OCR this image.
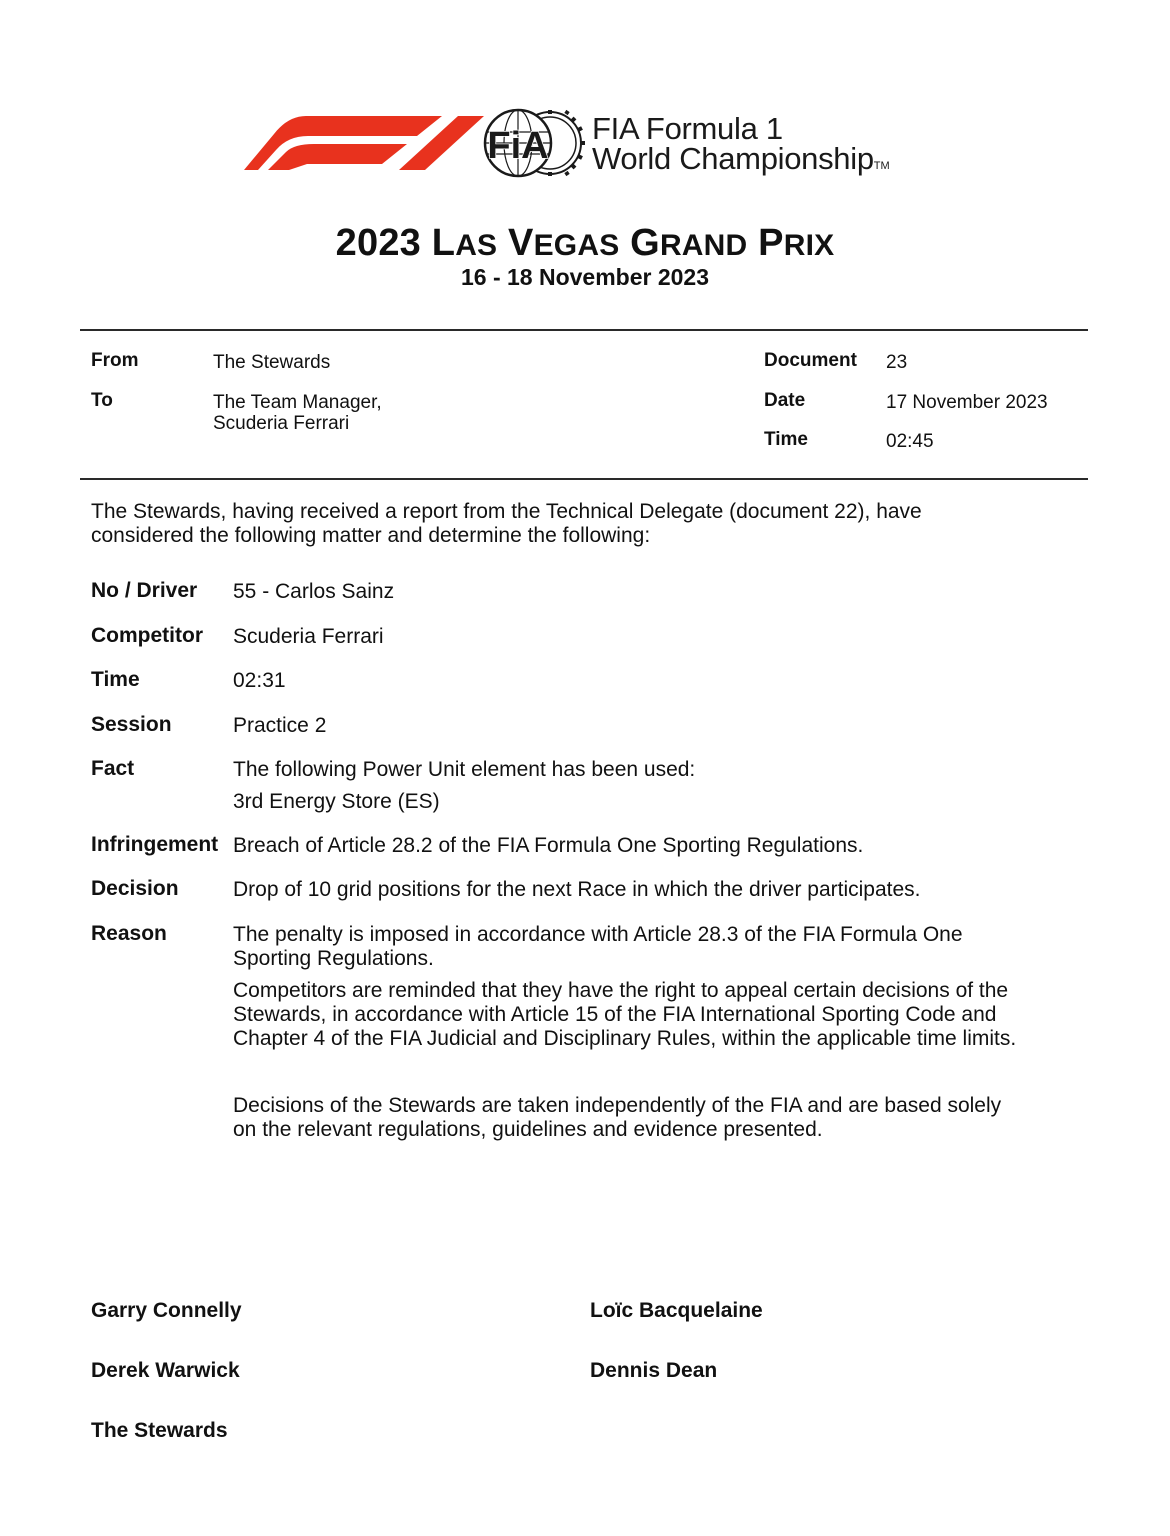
FiA FIA Formula 1
World ChampionshipTM
2023 LAS VEGAS GRAND PRIX
16 - 18 November 2023
From	The Stewards
To	The Team Manager,
Scuderia Ferrari
Document 23
Date	17 November 2023
Time	02:45
The Stewards, having received a report from the Technical Delegate (document 22), have
considered the following matter and determine the following:
No / Driver 55 - Carlos Sainz
Competitor Scuderia Ferrari
Time	02:31
Session	Practice 2
Fact	The following Power Unit element has been used:
3rd Energy Store (ES)
Infringement Breach of Article 28.2 of the FIA Formula One Sporting Regulations.
Decision	Drop of 10 grid positions for the next Race in which the driver participates.
Reason	The penalty is imposed in accordance with Article 28.3 of the FIA Formula One
Sporting Regulations.
Competitors are reminded that they have the right to appeal certain decisions of the
Stewards, in accordance with Article 15 of the FIA International Sporting Code and
Chapter 4 of the FIA Judicial and Disciplinary Rules, within the applicable time limits.
Decisions of the Stewards are taken independently of the FIA and are based solely
on the relevant regulations, guidelines and evidence presented.
Garry Connelly	Loïc Bacquelaine
Derek Warwick	Dennis Dean
The Stewards
